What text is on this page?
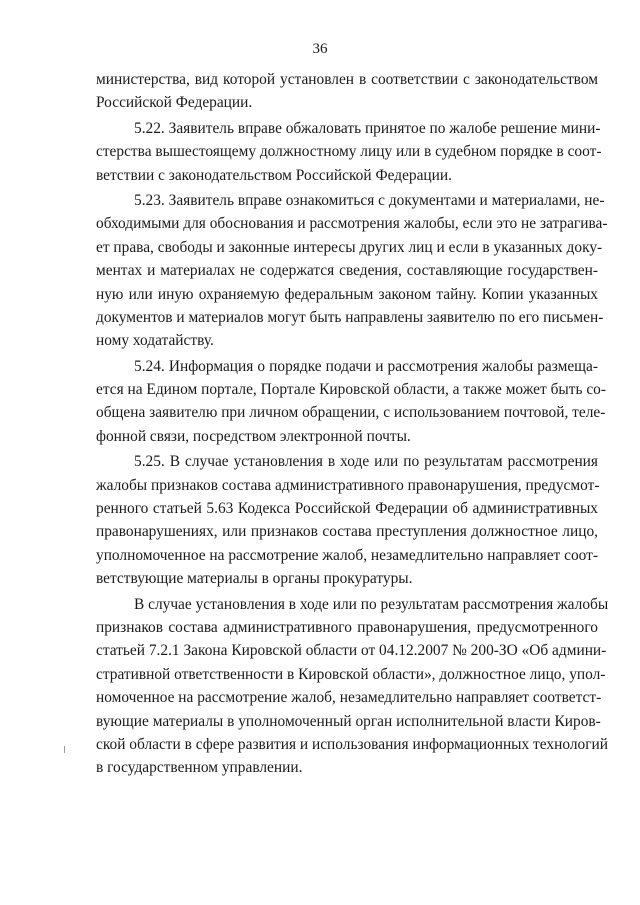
36
министерства, вид которой установлен в соответствии с законодательством
Российской Федерации.
5.22. Заявитель вправе обжаловать принятое по жалобе решение мини-
стерства вышестоящему должностному лицу или в судебном порядке в соот-
ветствии с законодательством Российской Федерации.
5.23. Заявитель вправе ознакомиться с документами и материалами, не-
обходимыми для обоснования и рассмотрения жалобы, если это не затрагива-
ет права, свободы и законные интересы других лиц и если в указанных доку-
ментах и материалах не содержатся сведения, составляющие государствен-
ную или иную охраняемую федеральным законом тайну. Копии указанных
документов и материалов могут быть направлены заявителю по его письмен-
ному ходатайству.
5.24. Информация о порядке подачи и рассмотрения жалобы размеща-
ется на Едином портале, Портале Кировской области, а также может быть со-
общена заявителю при личном обращении, с использованием почтовой, теле-
фонной связи, посредством электронной почты.
5.25. В случае установления в ходе или по результатам рассмотрения
жалобы признаков состава административного правонарушения, предусмот-
ренного статьей 5.63 Кодекса Российской Федерации об административных
правонарушениях, или признаков состава преступления должностное лицо,
уполномоченное на рассмотрение жалоб, незамедлительно направляет соот-
ветствующие материалы в органы прокуратуры.
В случае установления в ходе или по результатам рассмотрения жалобы
признаков состава административного правонарушения, предусмотренного
статьей 7.2.1 Закона Кировской области от 04.12.2007 № 200-ЗО «Об админи-
стративной ответственности в Кировской области», должностное лицо, упол-
номоченное на рассмотрение жалоб, незамедлительно направляет соответст-
вующие материалы в уполномоченный орган исполнительной власти Киров-
ской области в сфере развития и использования информационных технологий
в государственном управлении.
